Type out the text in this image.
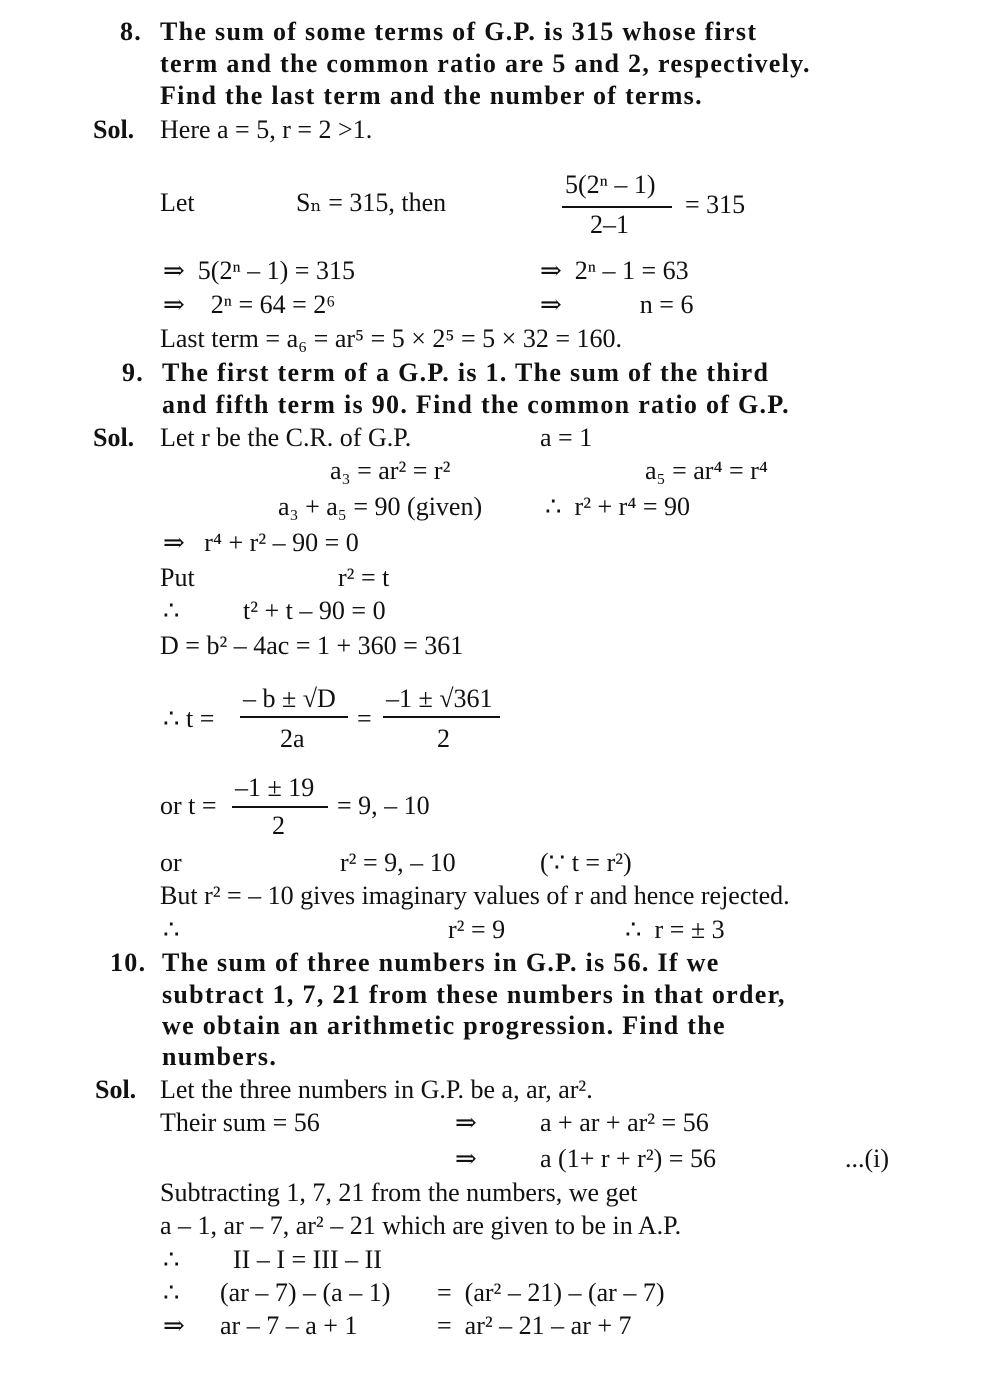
8. The sum of some terms of G.P. is 315 whose first
term and the common ratio are 5 and 2, respectively.
Find the last term and the number of terms.
Sol. Here a = 5, r = 2 >1.
Let	Sₙ = 315, then
5(2ⁿ – 1)
2–1
= 315
⇒  5(2ⁿ – 1) = 315	⇒  2ⁿ – 1 = 63
⇒    2ⁿ = 64 = 2⁶	⇒            n = 6
Last term = a₆ = ar⁵ = 5 × 2⁵ = 5 × 32 = 160.
9. The first term of a G.P. is 1. The sum of the third
and fifth term is 90. Find the common ratio of G.P.
Sol. Let r be the C.R. of G.P.	a = 1
a₃ = ar² = r²	a₅ = ar⁴ = r⁴
a₃ + a₅ = 90 (given) ∴  r² + r⁴ = 90
⇒   r⁴ + r² – 90 = 0
Put	r² = t
∴ t² + t – 90 = 0
D = b² – 4ac = 1 + 360 = 361
∴ t =
– b ± √D
2a
=
–1 ± √361
2
or t =
–1 ± 19
2
= 9, – 10
or	r² = 9, – 10	(∵ t = r²)
But r² = – 10 gives imaginary values of r and hence rejected.
∴	r² = 9	∴  r = ± 3
10. The sum of three numbers in G.P. is 56. If we
subtract 1, 7, 21 from these numbers in that order,
we obtain an arithmetic progression. Find the
numbers.
Sol. Let the three numbers in G.P. be a, ar, ar².
Their sum = 56	⇒ a + ar + ar² = 56
⇒ a (1+ r + r²) = 56	...(i)
Subtracting 1, 7, 21 from the numbers, we get
a – 1, ar – 7, ar² – 21 which are given to be in A.P.
∴ II – I = III – II
∴ (ar – 7) – (a – 1) =  (ar² – 21) – (ar – 7)
⇒ ar – 7 – a + 1	=  ar² – 21 – ar + 7
